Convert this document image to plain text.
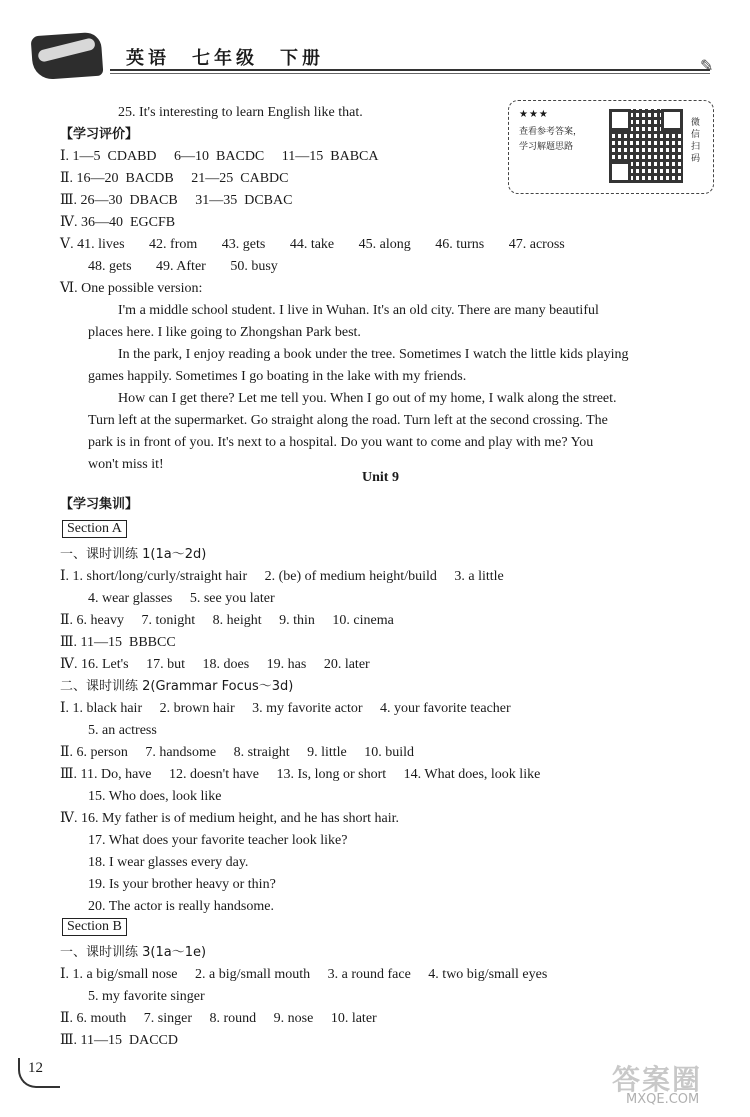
英语　七年级　下册	✎
★★★
查看参考答案，
学习解题思路
微信扫码
Unit 9
Section A
Section B
25. It's interesting to learn English like that.
【学习评价】
Ⅰ. 1—5  CDABD     6—10  BACDC     11—15  BABCA
Ⅱ. 16—20  BACDB     21—25  CABDC
Ⅲ. 26—30  DBACB     31—35  DCBAC
Ⅳ. 36—40  EGCFB
Ⅴ. 41. lives       42. from       43. gets       44. take       45. along       46. turns       47. across
48. gets       49. After       50. busy
Ⅵ. One possible version:
I'm a middle school student. I live in Wuhan. It's an old city. There are many beautiful
places here. I like going to Zhongshan Park best.
In the park, I enjoy reading a book under the tree. Sometimes I watch the little kids playing
games happily. Sometimes I go boating in the lake with my friends.
How can I get there? Let me tell you. When I go out of my home, I walk along the street.
Turn left at the supermarket. Go straight along the road. Turn left at the second crossing. The
park is in front of you. It's next to a hospital. Do you want to come and play with me? You
won't miss it!
【学习集训】
一、课时训练 1(1a～2d)
Ⅰ. 1. short/long/curly/straight hair     2. (be) of medium height/build     3. a little
4. wear glasses     5. see you later
Ⅱ. 6. heavy     7. tonight     8. height     9. thin     10. cinema
Ⅲ. 11—15  BBBCC
Ⅳ. 16. Let's     17. but     18. does     19. has     20. later
二、课时训练 2(Grammar Focus～3d)
Ⅰ. 1. black hair     2. brown hair     3. my favorite actor     4. your favorite teacher
5. an actress
Ⅱ. 6. person     7. handsome     8. straight     9. little     10. build
Ⅲ. 11. Do, have     12. doesn't have     13. Is, long or short     14. What does, look like
15. Who does, look like
Ⅳ. 16. My father is of medium height, and he has short hair.
17. What does your favorite teacher look like?
18. I wear glasses every day.
19. Is your brother heavy or thin?
20. The actor is really handsome.
一、课时训练 3(1a～1e)
Ⅰ. 1. a big/small nose     2. a big/small mouth     3. a round face     4. two big/small eyes
5. my favorite singer
Ⅱ. 6. mouth     7. singer     8. round     9. nose     10. later
Ⅲ. 11—15  DACCD
12	答案圈
MXQE.COM
